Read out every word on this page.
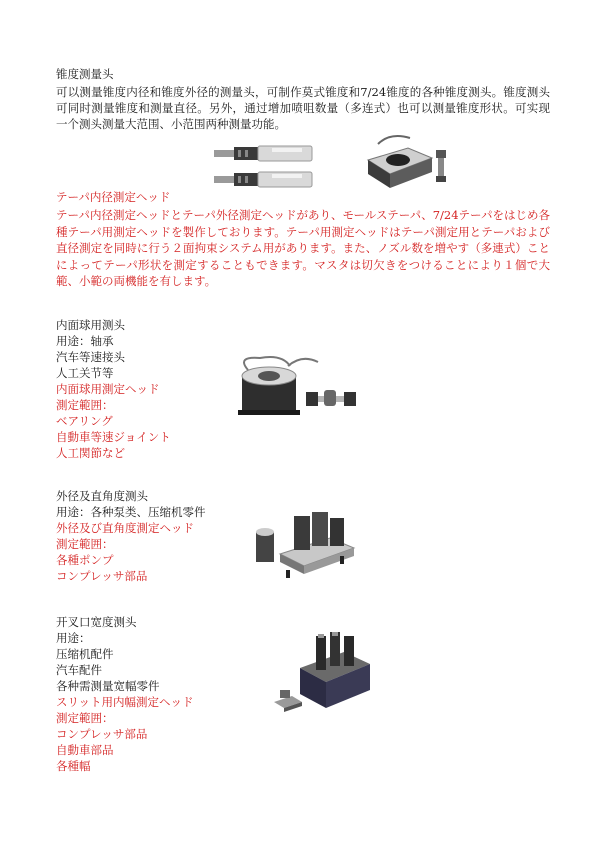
锥度测量头
可以测量锥度内径和锥度外径的测量头，可制作莫式锥度和7/24锥度的各种锥度测头。锥度测头可同时测量锥度和测量直径。另外，通过增加喷咀数量（多连式）也可以测量锥度形状。可实现一个测头测量大范围、小范围两种测量功能。
テーパ内径測定ヘッド
テーパ内径測定ヘッドとテーパ外径測定ヘッドがあり、モールステーパ、7/24テーパをはじめ各種テーパ用測定ヘッドを製作しております。テーパ用測定ヘッドはテーパ測定用とテーパおよび直径測定を同時に行う２面拘束システム用があります。また、ノズル数を増やす（多連式）ことによってテーパ形状を測定することもできます。マスタは切欠きをつけることにより１個で大範、小範の両機能を有します。
内面球用测头
用途：轴承
汽车等速接头
人工关节等
内面球用測定ヘッド
測定範囲：
ベアリング
自動車等速ジョイント
人工関節など
外径及直角度测头
用途：各种泵类、压缩机零件
外径及び直角度測定ヘッド
測定範囲：
各種ポンプ
コンプレッサ部品
开叉口宽度测头
用途：
压缩机配件
汽车配件
各种需测量宽幅零件
スリット用内幅測定ヘッド
測定範囲：
コンプレッサ部品
自動車部品
各種幅
